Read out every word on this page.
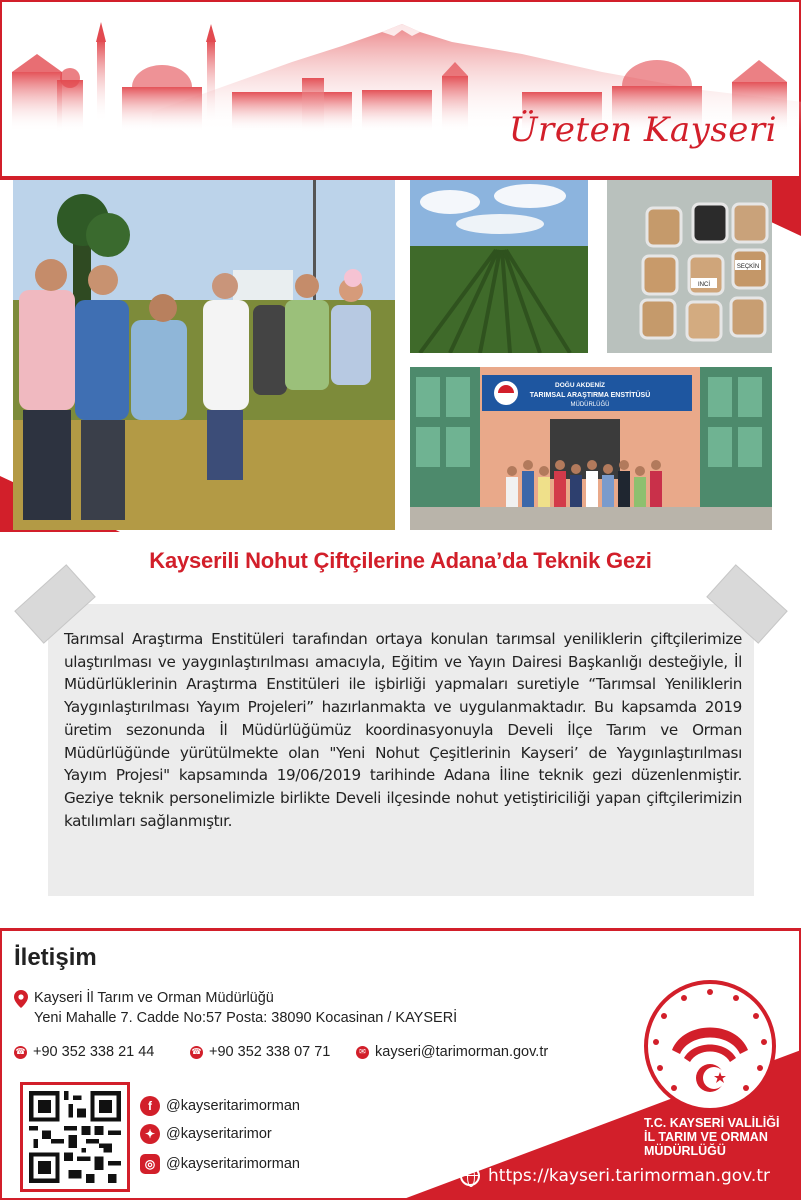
Üreten Kayseri
SEÇKİN
INCİ
DOĞU AKDENİZ
TARIMSAL ARAŞTIRMA ENSTİTÜSÜ
MÜDÜRLÜĞÜ
Kayserili Nohut Çiftçilerine Adana’da Teknik Gezi

Tarımsal Araştırma Enstitüleri tarafından ortaya konulan tarımsal yeniliklerin çiftçilerimize ulaştırılması ve yaygınlaştırılması amacıyla, Eğitim ve Yayın Dairesi Başkanlığı desteğiyle, İl Müdürlüklerinin Araştırma Enstitüleri ile işbirliği yapmaları suretiyle “Tarımsal Yeniliklerin Yaygınlaştırılması Yayım Projeleri” hazırlanmakta ve uygulanmaktadır. Bu kapsamda 2019 üretim sezonunda İl Müdürlüğümüz koordinasyonuyla Develi İlçe Tarım ve Orman Müdürlüğünde yürütülmekte olan "Yeni Nohut Çeşitlerinin Kayseri’ de Yaygınlaştırılması Yayım Projesi" kapsamında 19/06/2019 tarihinde Adana İline teknik gezi düzenlenmiştir. Geziye teknik personelimizle birlikte Develi ilçesinde nohut yetiştiriciliği yapan çiftçilerimizin katılımları sağlanmıştır.

İletişim
Kayseri İl Tarım ve Orman Müdürlüğü
Yeni Mahalle 7. Cadde No:57 Posta: 38090 Kocasinan / KAYSERİ
☎ +90 352 338 21 44	☎ +90 352 338 07 71	✉ kayseri@tarimorman.gov.tr
f @kayseritarimorman
✦ @kayseritarimor
◎ @kayseritarimorman
T.C. KAYSERİ VALİLİĞİ
İL TARIM VE ORMAN
MÜDÜRLÜĞÜ
https://kayseri.tarimorman.gov.tr
